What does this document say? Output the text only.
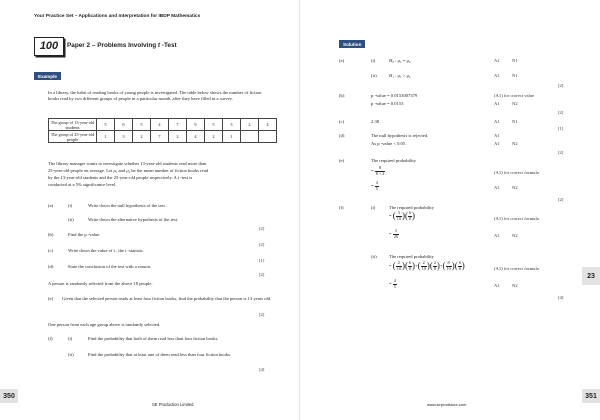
Your Practice Set – Applications and Interpretation for IBDP Mathematics
100	Paper 2 – Problems Involving t -Test
Example
In a library, the habit of reading books of young people is investigated. The table below shows the number of fiction books read by two different groups of people in a particular month, after they have filled in a survey.
The group of 13-year-old students	5	6	5	4	7	9	5	3	2	4
The group of 25-year-old people	1	3	2	7	2	4	2	1		
The library manager wants to investigate whether 13-year-old students read more than
25-year-old people on average. Let μ₁ and μ₂ be the mean number of fiction books read
by the 13-year-old students and the 25-year-old people respectively. A t -test is
conducted at a 5% significance level.
(a)	(i)	Write down the null hypothesis of the test.
(ii)	Write down the alternative hypothesis of the test.
[2]
(b)	Find the p -value.
[2]
(c)	Write down the value of t , the t -statistic.
[1]
(d)	State the conclusion of the test with a reason.
[2]
A person is randomly selected from the above 18 people.
(e) Given that the selected person reads at least four fiction books, find the probability that the person is 13 years old.
[2]
One person from each age group above is randomly selected.
(f)	(i)	Find the probability that both of them read less than four fiction books.
(ii)	Find the probability that at least one of them read less than four fiction books.
[4]
350
SE Production Limited
Solution
(a)	(i)	H₀ : μ₁ = μ₂	A1	N1
(ii)	H₁ : μ₁ > μ₂	A1	N1
[2]
(b)	p -value = 0.0153007379
p -value = 0.0153
(A1) for correct value
A1	N2
[2]
(c)	2.38	A1	N1
[1]
(d)	The null hypothesis is rejected.
As p -value < 0.05 .
A1
A1	N2
[2]
(e)	The required probability
= $\frac{8}{8 + 2}$
= $\frac{4}{5}$
(A1) for correct formula
A1	N2
[2]
(f)	(i)	The required probability
= ( $\frac{3}{10}$ )( $\frac{6}{8}$ )
= $\frac{3}{20}$
(A1) for correct formula
A1	N2
(ii)	The required probability
= ( $\frac{2}{10}$ )( $\frac{6}{8}$ )+( $\frac{2}{10}$ )( $\frac{2}{8}$ )+( $\frac{8}{10}$ )( $\frac{6}{8}$ )
= $\frac{4}{5}$
(A1) for correct formula
A1	N2
[4]
23
351
www.seprodstore.com
